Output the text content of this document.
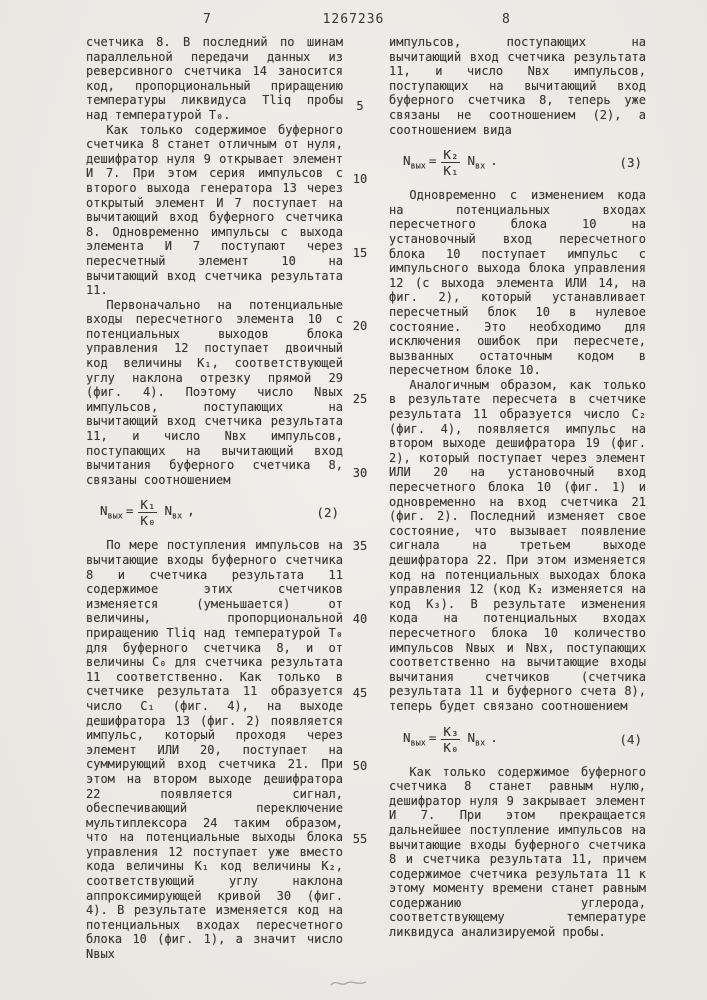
7	1267236	8
5
10
15
20
25
30
35
40
45
50
55

счетчика 8. В последний по шинам параллельной передачи данных из реверсивного счетчика 14 заносится код, пропорциональный приращению температуры ликвидуса Тliq пробы над температурой Т₀.

Как только содержимое буферного счетчика 8 станет отличным от нуля, дешифратор нуля 9 открывает элемент И 7. При этом серия импульсов с второго выхода генератора 13 через открытый элемент И 7 поступает на вычитающий вход буферного счетчика 8. Одновременно импульсы с выхода элемента И 7 поступают через пересчетный элемент 10 на вычитающий вход счетчика результата 11.

Первоначально на потенциальные входы пересчетного элемента 10 с потенциальных выходов блока управления 12 поступает двоичный код величины К₁, соответствующей углу наклона отрезку прямой 29 (фиг. 4). Поэтому число Nвых импульсов, поступающих на вычитающий вход счетчика результата 11, и число Nвх импульсов, поступающих на вычитающий вход вычитания буферного счетчика 8, связаны соотношением

$N_{вых} = \frac{\text{К₁}}{\text{К₀}} N_{вх}$ ,	(2)

По мере поступления импульсов на вычитающие входы буферного счетчика 8 и счетчика результата 11 содержимое этих счетчиков изменяется (уменьшается) от величины, пропорциональной приращению Тliq над температурой Т₀ для буферного счетчика 8, и от величины С₀ для счетчика результата 11 соответственно. Как только в счетчике результата 11 образуется число С₁ (фиг. 4), на выходе дешифратора 13 (фиг. 2) появляется импульс, который проходя через элемент ИЛИ 20, поступает на суммирующий вход счетчика 21. При этом на втором выходе дешифратора 22 появляется сигнал, обеспечивающий переключение мультиплексора 24 таким образом, что на потенциальные выходы блока управления 12 поступает уже вместо кода величины К₁ код величины К₂, соответствующий углу наклона аппроксимирующей кривой 30 (фиг. 4). В результате изменяется код на потенциальных входах пересчетного блока 10 (фиг. 1), а значит число Nвых

импульсов, поступающих на вычитающий вход счетчика результата 11, и число Nвх импульсов, поступающих на вычитающий вход буферного счетчика 8, теперь уже связаны не соотношением (2), а соотношением вида

$N_{вых} = \frac{\text{К₂}}{\text{К₁}} N_{вх}$ .	(3)

Одновременно с изменением кода на потенциальных входах пересчетного блока 10 на установочный вход пересчетного блока 10 поступает импульс с импульсного выхода блока управления 12 (с выхода элемента ИЛИ 14, на фиг. 2), который устанавливает пересчетный блок 10 в нулевое состояние. Это необходимо для исключения ошибок при пересчете, вызванных остаточным кодом в пересчетном блоке 10.

Аналогичным образом, как только в результате пересчета в счетчике результата 11 образуется число С₂ (фиг. 4), появляется импульс на втором выходе дешифратора 19 (фиг. 2), который поступает через элемент ИЛИ 20 на установочный вход пересчетного блока 10 (фиг. 1) и одновременно на вход счетчика 21 (фиг. 2). Последний изменяет свое состояние, что вызывает появление сигнала на третьем выходе дешифратора 22. При этом изменяется код на потенциальных выходах блока управления 12 (код К₂ изменяется на код К₃). В результате изменения кода на потенциальных входах пересчетного блока 10 количество импульсов Nвых и Nвх, поступающих соответственно на вычитающие входы вычитания счетчиков (счетчика результата 11 и буферного счета 8), теперь будет связано соотношением

$N_{вых} = \frac{\text{К₃}}{\text{К₀}} N_{вх}$ .	(4)

Как только содержимое буферного счетчика 8 станет равным нулю, дешифратор нуля 9 закрывает элемент И 7. При этом прекращается дальнейшее поступление импульсов на вычитающие входы буферного счетчика 8 и счетчика результата 11, причем содержимое счетчика результата 11 к этому моменту времени станет равным содержанию углерода, соответствующему температуре ликвидуса анализируемой пробы.
